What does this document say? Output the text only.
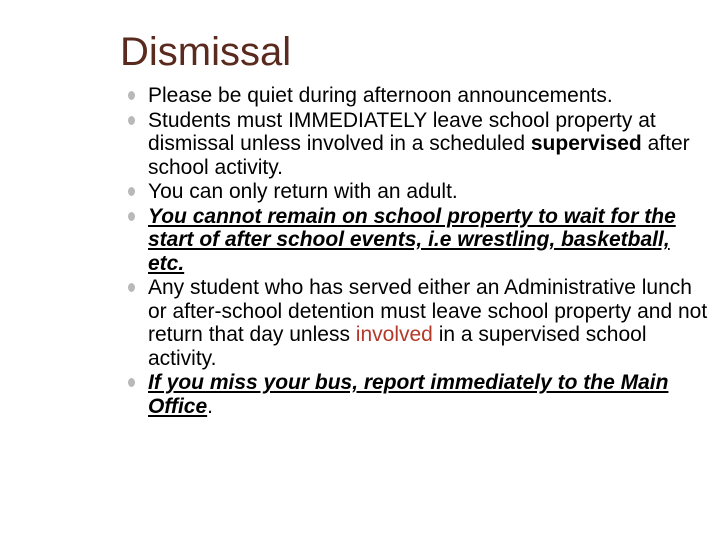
Dismissal
Please be quiet during afternoon announcements.
Students must IMMEDIATELY leave school property at dismissal unless involved in a scheduled supervised after school activity.
You can only return with an adult.
You cannot remain on school property to wait for the start of after school events, i.e wrestling, basketball, etc.
Any student who has served either an Administrative lunch or after-school detention must leave school property and not return that day unless involved in a supervised school activity.
If you miss your bus, report immediately to the Main Office.
